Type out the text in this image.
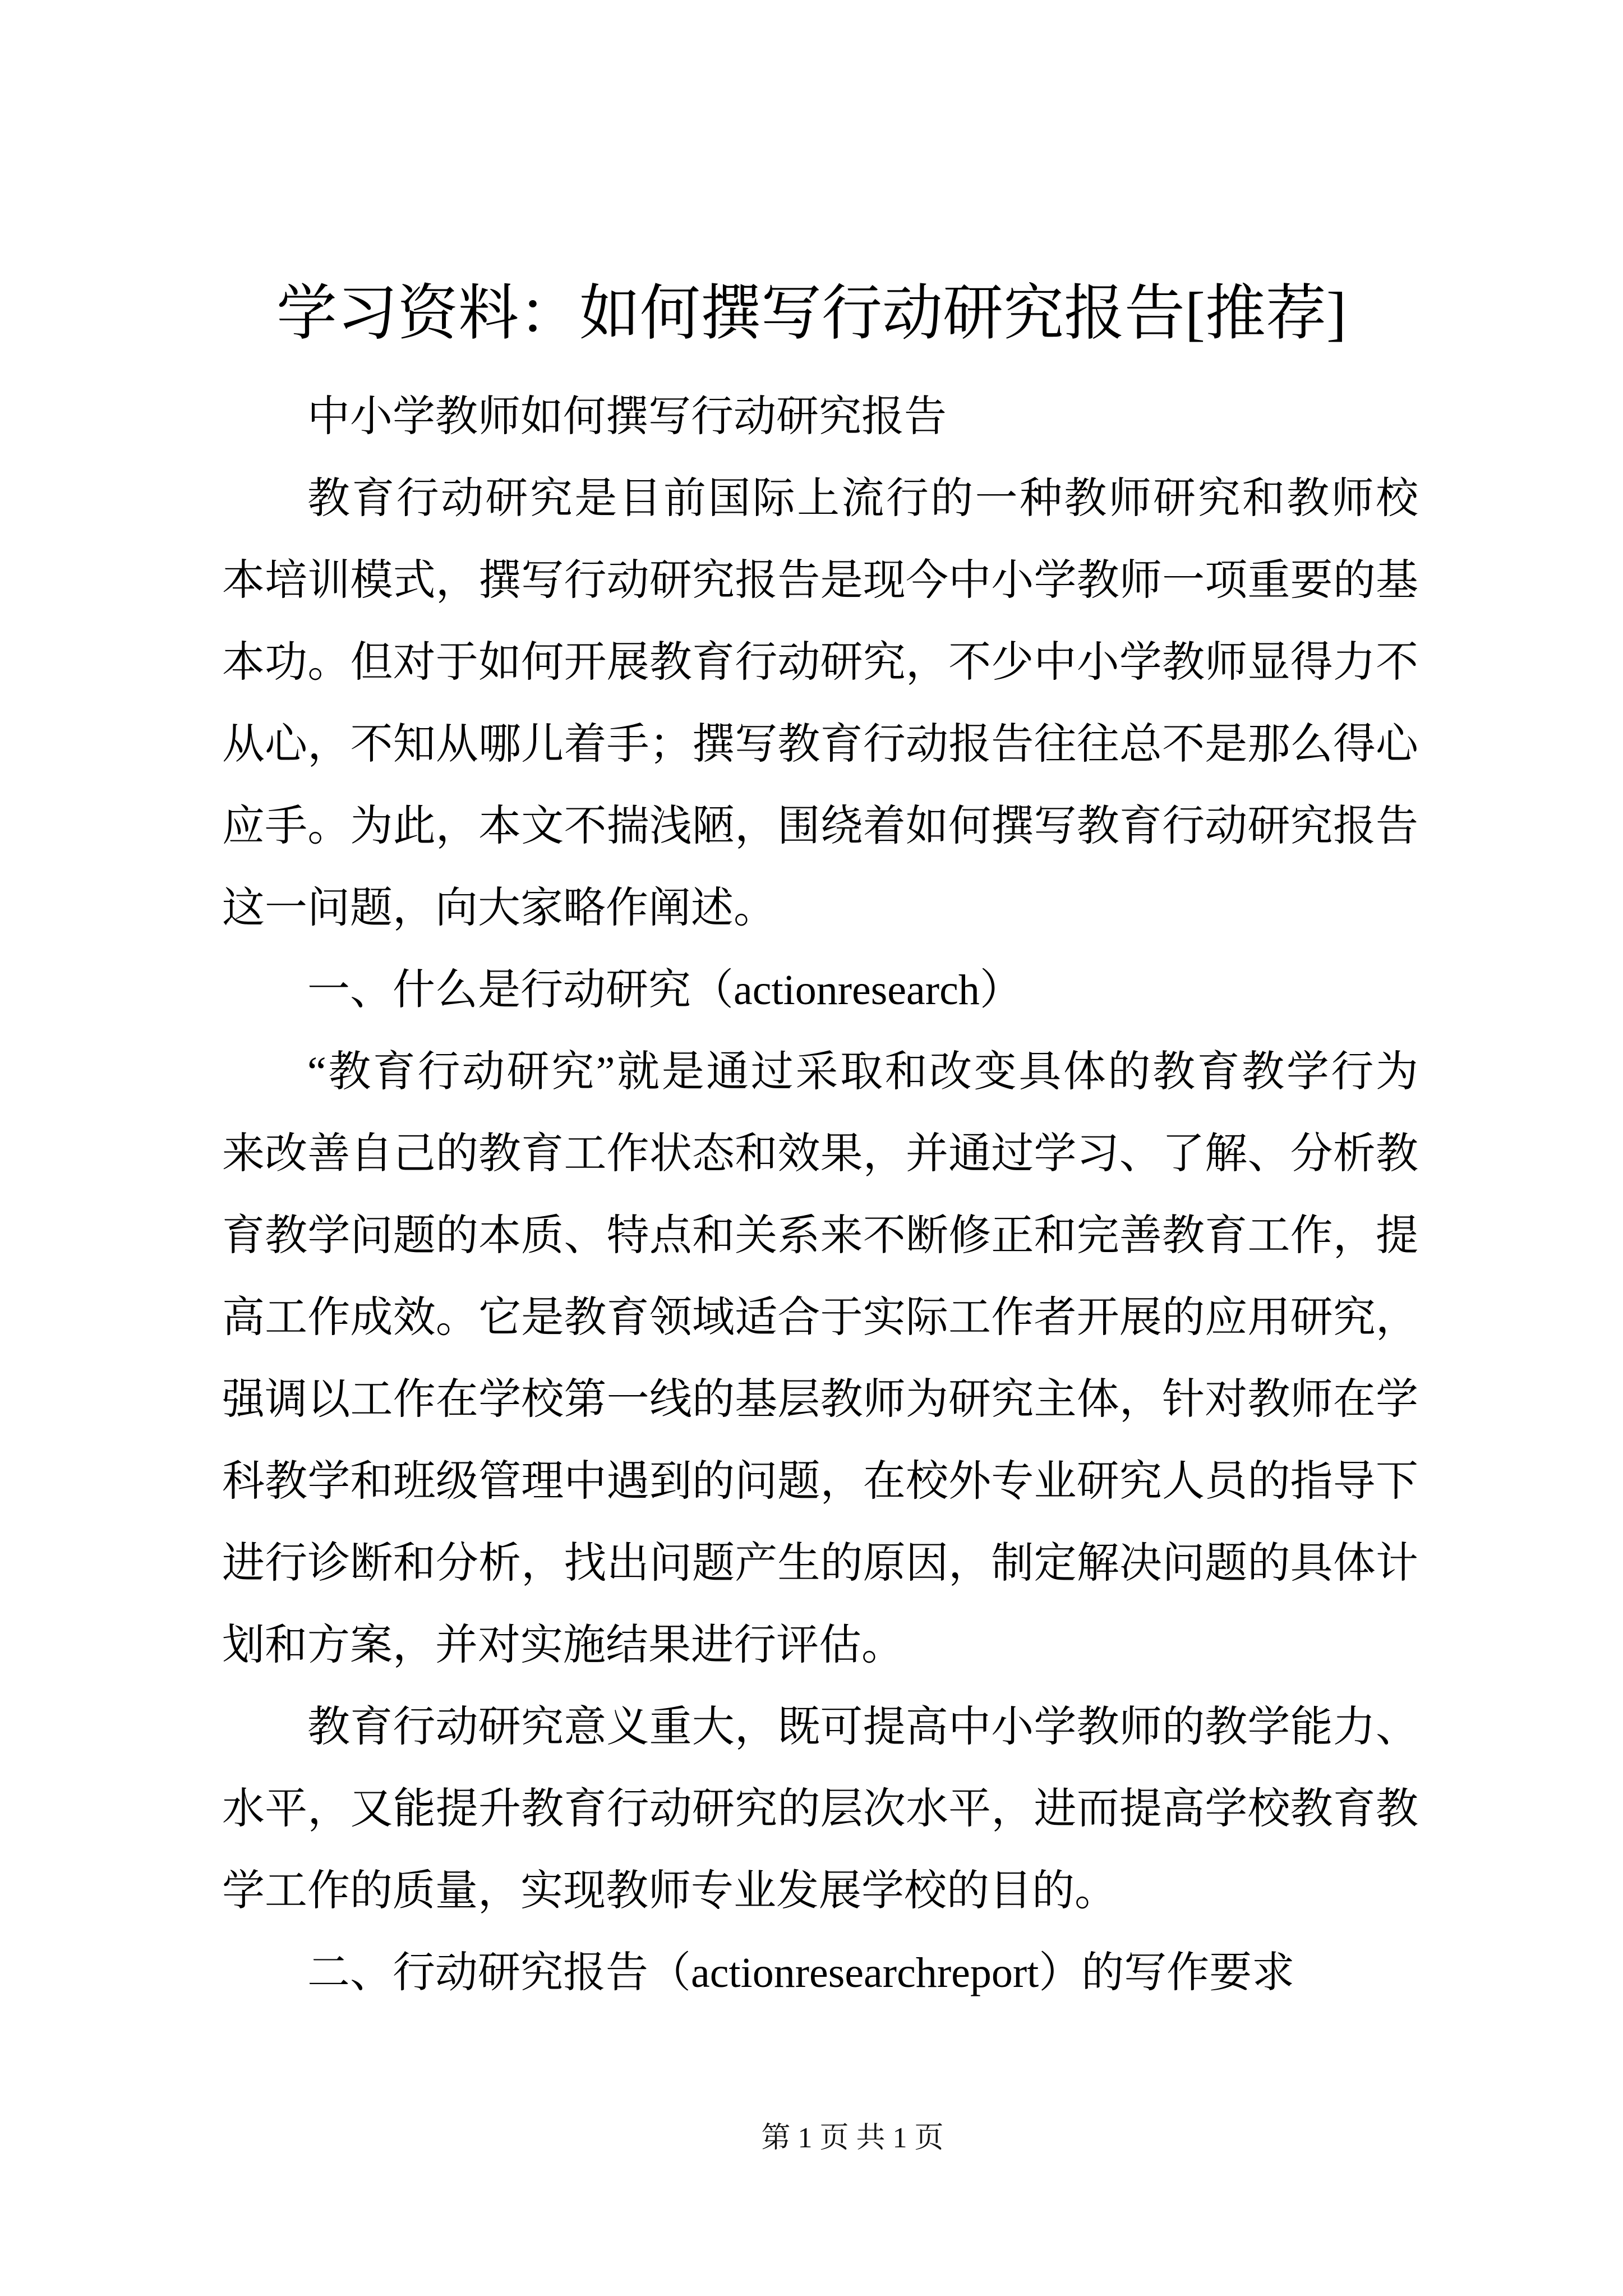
学习资料：如何撰写行动研究报告[推荐]
中小学教师如何撰写行动研究报告
教育行动研究是目前国际上流行的一种教师研究和教师校
本培训模式，撰写行动研究报告是现今中小学教师一项重要的基
本功。但对于如何开展教育行动研究，不少中小学教师显得力不
从心，不知从哪儿着手；撰写教育行动报告往往总不是那么得心
应手。为此，本文不揣浅陋，围绕着如何撰写教育行动研究报告
这一问题，向大家略作阐述。
一、什么是行动研究（actionresearch）
“教育行动研究”就是通过采取和改变具体的教育教学行为
来改善自己的教育工作状态和效果，并通过学习、了解、分析教
育教学问题的本质、特点和关系来不断修正和完善教育工作，提
高工作成效。它是教育领域适合于实际工作者开展的应用研究，
强调以工作在学校第一线的基层教师为研究主体，针对教师在学
科教学和班级管理中遇到的问题，在校外专业研究人员的指导下
进行诊断和分析，找出问题产生的原因，制定解决问题的具体计
划和方案，并对实施结果进行评估。
教育行动研究意义重大，既可提高中小学教师的教学能力、
水平，又能提升教育行动研究的层次水平，进而提高学校教育教
学工作的质量，实现教师专业发展学校的目的。
二、行动研究报告（actionresearchreport）的写作要求
第 1 页 共 1 页
